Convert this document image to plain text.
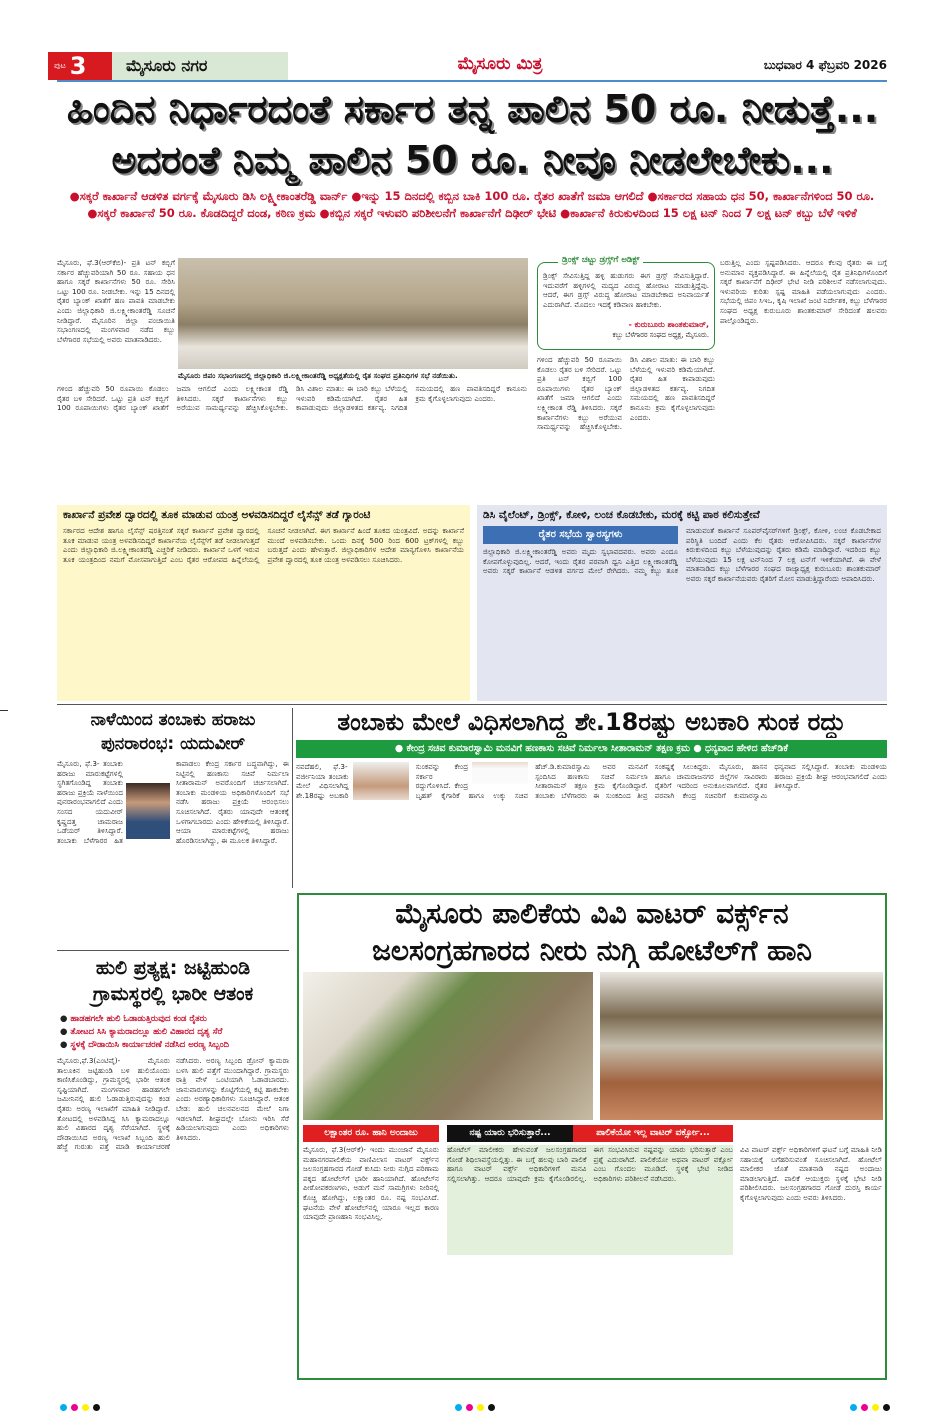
ಪುಟ 3	ಮೈಸೂರು ನಗರ	ಮೈಸೂರು ಮಿತ್ರ	ಬುಧವಾರ 4 ಫೆಬ್ರವರಿ 2026
ಹಿಂದಿನ ನಿರ್ಧಾರದಂತೆ ಸರ್ಕಾರ ತನ್ನ ಪಾಲಿನ 50 ರೂ. ನೀಡುತ್ತೆ...
ಅದರಂತೆ ನಿಮ್ಮ ಪಾಲಿನ 50 ರೂ. ನೀವೂ ನೀಡಲೇಬೇಕು...
●ಸಕ್ಕರೆ ಕಾರ್ಖಾನೆ ಆಡಳಿತ ವರ್ಗಕ್ಕೆ ಮೈಸೂರು ಡಿಸಿ ಲಕ್ಷ್ಮೀಕಾಂತರೆಡ್ಡಿ ವಾರ್ನ್ ●ಇನ್ನು 15 ದಿನದಲ್ಲಿ ಕಬ್ಬಿನ ಬಾಕಿ 100 ರೂ. ರೈತರ ಖಾತೆಗೆ ಜಮಾ ಆಗಲಿದೆ ●ಸರ್ಕಾರದ ಸಹಾಯ ಧನ 50, ಕಾರ್ಖಾನೆಗಳಿಂದ 50 ರೂ. ●ಸಕ್ಕರೆ ಕಾರ್ಖಾನೆ 50 ರೂ. ಕೊಡದಿದ್ದರೆ ದಂಡ, ಕಠಿಣ ಕ್ರಮ ●ಕಬ್ಬಿನ ಸಕ್ಕರೆ ಇಳುವರಿ ಪರಿಶೀಲನೆಗೆ ಕಾರ್ಖಾನೆಗೆ ದಿಢೀರ್ ಭೇಟಿ ●ಕಾರ್ಖಾನೆ ಕಿರುಕುಳದಿಂದ 15 ಲಕ್ಷ ಟನ್ ನಿಂದ 7 ಲಕ್ಷ ಟನ್ ಕಬ್ಬು ಬೆಳೆ ಇಳಿಕೆ
ಮೈಸೂರು, ಫೆ.3(ಆರ್‌ಕೆಬಿ)- ಪ್ರತಿ ಟನ್ ಕಬ್ಬಿಗೆ ಸರ್ಕಾರ ಹೆಚ್ಚುವರಿಯಾಗಿ 50 ರೂ. ಸಹಾಯ ಧನ ಹಾಗೂ ಸಕ್ಕರೆ ಕಾರ್ಖಾನೆಗಳು 50 ರೂ. ಸೇರಿಸಿ ಒಟ್ಟು 100 ರೂ. ನೀಡಬೇಕು. ಇನ್ನು 15 ದಿನದಲ್ಲಿ ರೈತರ ಬ್ಯಾಂಕ್ ಖಾತೆಗೆ ಹಣ ಪಾವತಿ ಮಾಡಬೇಕು ಎಂದು ಜಿಲ್ಲಾಧಿಕಾರಿ ಜಿ.ಲಕ್ಷ್ಮೀಕಾಂತರೆಡ್ಡಿ ಸೂಚನೆ ನೀಡಿದ್ದಾರೆ. ಮೈಸೂರಿನ ಜಿಲ್ಲಾ ಪಂಚಾಯಿತಿ ಸಭಾಂಗಣದಲ್ಲಿ ಮಂಗಳವಾರ ನಡೆದ ಕಬ್ಬು ಬೆಳೆಗಾರರ ಸಭೆಯಲ್ಲಿ ಅವರು ಮಾತನಾಡಿದರು.
ಮೈಸೂರು ಜಿಪಂ ಸಭಾಂಗಣದಲ್ಲಿ ಜಿಲ್ಲಾಧಿಕಾರಿ ಜಿ.ಲಕ್ಷ್ಮೀಕಾಂತರೆಡ್ಡಿ ಅಧ್ಯಕ್ಷತೆಯಲ್ಲಿ ರೈತ ಸಂಘದ ಪ್ರತಿನಿಧಿಗಳ ಸಭೆ ನಡೆಯಿತು.
ಗಳಿಂದ ಹೆಚ್ಚುವರಿ 50 ರೂಪಾಯಿ ಕೊಡಲು ರೈತರ ಬಳಿ ಸೇರಿದರೆ. ಒಟ್ಟು ಪ್ರತಿ ಟನ್ ಕಬ್ಬಿಗೆ 100 ರೂಪಾಯಿಗಳು ರೈತರ ಬ್ಯಾಂಕ್ ಖಾತೆಗೆ ಜಮಾ ಆಗಲಿದೆ ಎಂದು ಲಕ್ಷ್ಮೀಕಾಂತ ರೆಡ್ಡಿ ತಿಳಿಸಿದರು. ಸಕ್ಕರೆ ಕಾರ್ಖಾನೆಗಳು ಕಬ್ಬು ಅರೆಯುವ ಸಾಮರ್ಥ್ಯವನ್ನು ಹೆಚ್ಚಿಸಿಕೊಳ್ಳಬೇಕು. ಡಿಸಿ ವಿಶಾಲ ಮಾತು: ಈ ಬಾರಿ ಕಬ್ಬು ಬೆಳೆಯಲ್ಲಿ ಇಳುವರಿ ಕಡಿಮೆಯಾಗಿದೆ. ರೈತರ ಹಿತ ಕಾಪಾಡುವುದು ಜಿಲ್ಲಾಡಳಿತದ ಕರ್ತವ್ಯ. ನಿಗದಿತ ಸಮಯದಲ್ಲಿ ಹಣ ಪಾವತಿಸದಿದ್ದರೆ ಕಾನೂನು ಕ್ರಮ ಕೈಗೊಳ್ಳಲಾಗುವುದು ಎಂದರು.
ಡ್ರಿಂಕ್ಸ್ ಚಟ್ಟು ಡ್ರಗ್ಸ್‌ಗೆ ಅಡಿಕ್ಟ್
ಡ್ರಿಂಕ್ಸ್ ಸೇವಿಸುತ್ತಿದ್ದ ಹಳ್ಳಿ ಹುಡುಗರು ಈಗ ಡ್ರಗ್ಸ್ ಸೇವಿಸುತ್ತಿದ್ದಾರೆ. ಇದುವರೆಗೆ ಹಳ್ಳಿಗಳಲ್ಲಿ ಮದ್ಯದ ವಿರುದ್ಧ ಹೋರಾಟ ಮಾಡುತ್ತಿದ್ದೆವು. ಆದರೆ, ಈಗ ಡ್ರಗ್ಸ್ ವಿರುದ್ಧ ಹೋರಾಟ ಮಾಡಬೇಕಾದ ಅನಿವಾರ್ಯತೆ ಎದುರಾಗಿದೆ. ಮೊದಲು ಇದಕ್ಕೆ ಕಡಿವಾಣ ಹಾಕಬೇಕು.
- ಕುರುಬೂರು ಶಾಂತಕುಮಾರ್,
ಕಬ್ಬು ಬೆಳೆಗಾರರ ಸಂಘದ ಅಧ್ಯಕ್ಷ, ಮೈಸೂರು.
ಗಳಿಂದ ಹೆಚ್ಚುವರಿ 50 ರೂಪಾಯಿ ಕೊಡಲು ರೈತರ ಬಳಿ ಸೇರಿದರೆ. ಒಟ್ಟು ಪ್ರತಿ ಟನ್ ಕಬ್ಬಿಗೆ 100 ರೂಪಾಯಿಗಳು ರೈತರ ಬ್ಯಾಂಕ್ ಖಾತೆಗೆ ಜಮಾ ಆಗಲಿದೆ ಎಂದು ಲಕ್ಷ್ಮೀಕಾಂತ ರೆಡ್ಡಿ ತಿಳಿಸಿದರು. ಸಕ್ಕರೆ ಕಾರ್ಖಾನೆಗಳು ಕಬ್ಬು ಅರೆಯುವ ಸಾಮರ್ಥ್ಯವನ್ನು ಹೆಚ್ಚಿಸಿಕೊಳ್ಳಬೇಕು. ಡಿಸಿ ವಿಶಾಲ ಮಾತು: ಈ ಬಾರಿ ಕಬ್ಬು ಬೆಳೆಯಲ್ಲಿ ಇಳುವರಿ ಕಡಿಮೆಯಾಗಿದೆ. ರೈತರ ಹಿತ ಕಾಪಾಡುವುದು ಜಿಲ್ಲಾಡಳಿತದ ಕರ್ತವ್ಯ. ನಿಗದಿತ ಸಮಯದಲ್ಲಿ ಹಣ ಪಾವತಿಸದಿದ್ದರೆ ಕಾನೂನು ಕ್ರಮ ಕೈಗೊಳ್ಳಲಾಗುವುದು ಎಂದರು.
ಬರುತ್ತಿಲ್ಲ ಎಂದು ಸ್ಪಷ್ಟಪಡಿಸಿದರು. ಆದರೂ ಕೆಲವು ರೈತರು ಈ ಬಗ್ಗೆ ಅನುಮಾನ ವ್ಯಕ್ತಪಡಿಸಿದ್ದಾರೆ. ಈ ಹಿನ್ನೆಲೆಯಲ್ಲಿ ರೈತ ಪ್ರತಿನಿಧಿಗಳೊಂದಿಗೆ ಸಕ್ಕರೆ ಕಾರ್ಖಾನೆಗೆ ದಿಢೀರ್ ಭೇಟಿ ನೀಡಿ ಪರಿಶೀಲನೆ ನಡೆಸಲಾಗುವುದು. ಇಳುವರಿಯ ಕುರಿತು ಸ್ಪಷ್ಟ ಮಾಹಿತಿ ಪಡೆಯಲಾಗುವುದು ಎಂದರು. ಸಭೆಯಲ್ಲಿ ಜಿಪಂ ಸಿಇಒ, ಕೃಷಿ ಇಲಾಖೆ ಜಂಟಿ ನಿರ್ದೇಶಕ, ಕಬ್ಬು ಬೆಳೆಗಾರರ ಸಂಘದ ಅಧ್ಯಕ್ಷ ಕುರುಬೂರು ಶಾಂತಕುಮಾರ್ ಸೇರಿದಂತೆ ಹಲವರು ಪಾಲ್ಗೊಂಡಿದ್ದರು.
ಕಾರ್ಖಾನೆ ಪ್ರವೇಶ ದ್ವಾರದಲ್ಲಿ ತೂಕ ಮಾಡುವ ಯಂತ್ರ ಅಳವಡಿಸದಿದ್ದರೆ ಲೈಸೆನ್ಸ್ ತಡೆ ಗ್ಯಾರಂಟಿ
ಸರ್ಕಾರದ ಆದೇಶ ಹಾಗೂ ಲೈಸೆನ್ಸ್ ಷರತ್ತಿನಂತೆ ಸಕ್ಕರೆ ಕಾರ್ಖಾನೆ ಪ್ರವೇಶ ದ್ವಾರದಲ್ಲಿ ತೂಕ ಮಾಡುವ ಯಂತ್ರ ಅಳವಡಿಸದಿದ್ದರೆ ಕಾರ್ಖಾನೆಯ ಲೈಸೆನ್ಸ್‌ಗೆ ತಡೆ ನೀಡಲಾಗುತ್ತದೆ ಎಂದು ಜಿಲ್ಲಾಧಿಕಾರಿ ಜಿ.ಲಕ್ಷ್ಮೀಕಾಂತರೆಡ್ಡಿ ಎಚ್ಚರಿಕೆ ನೀಡಿದರು. ಕಾರ್ಖಾನೆ ಒಳಗೆ ಇರುವ ತೂಕ ಯಂತ್ರದಿಂದ ನಮಗೆ ಮೋಸವಾಗುತ್ತಿದೆ ಎಂಬ ರೈತರ ಆರೋಪದ ಹಿನ್ನೆಲೆಯಲ್ಲಿ ಸೂಚನೆ ನೀಡಲಾಗಿದೆ. ಈಗ ಕಾರ್ಖಾನೆ ಹಿಂದೆ ತೂಕದ ಯಂತ್ರವಿದೆ. ಅದನ್ನು ಕಾರ್ಖಾನೆ ಮುಂದೆ ಅಳವಡಿಸಬೇಕು. ಒಂದು ದಿನಕ್ಕೆ 500 ರಿಂದ 600 ಟ್ರಕ್‌ಗಳಲ್ಲಿ ಕಬ್ಬು ಬರುತ್ತದೆ ಎಂದು ಹೇಳುತ್ತಾರೆ. ಜಿಲ್ಲಾಧಿಕಾರಿಗಳ ಆದೇಶ ಮಾನ್ಯಗೊಳಿಸಿ ಕಾರ್ಖಾನೆಯ ಪ್ರವೇಶ ದ್ವಾರದಲ್ಲಿ ತೂಕ ಯಂತ್ರ ಅಳವಡಿಸಲು ಸೂಚಿಸಿದರು.
ಡಿಸಿ ವೈಲೆಂಟ್, ಡ್ರಿಂಕ್ಸ್, ಕೋಳಿ, ಲಂಚ ಕೊಡಬೇಕು, ಮರಕ್ಕೆ ಕಟ್ಟಿ ಪಾಠ ಕಲಿಸುತ್ತೇವೆ
ರೈತರ ಸಭೆಯ ಸ್ವಾರಸ್ಯಗಳು
ಜಿಲ್ಲಾಧಿಕಾರಿ ಜಿ.ಲಕ್ಷ್ಮೀಕಾಂತರೆಡ್ಡಿ ಅವರು ಮೃದು ಸ್ವಭಾವದವರು. ಅವರು ಎಂದೂ ಕೋಪಗೊಳ್ಳುವುದಿಲ್ಲ. ಆದರೆ, ಇಂದು ರೈತರ ಪರವಾಗಿ ಧ್ವನಿ ಎತ್ತಿದ ಲಕ್ಷ್ಮೀಕಾಂತರೆಡ್ಡಿ ಅವರು ಸಕ್ಕರೆ ಕಾರ್ಖಾನೆ ಆಡಳಿತ ವರ್ಗದ ಮೇಲೆ ರೇಗಿದರು. ನಮ್ಮ ಕಬ್ಬು ತೂಕ ಮಾಡುವಂತೆ ಕಾರ್ಖಾನೆ ಸೂಪರ್‌ವೈಸರ್‌ಗಳಿಗೆ ಡ್ರಿಂಕ್ಸ್, ಕೋಳಿ, ಲಂಚ ಕೊಡಬೇಕಾದ ಪರಿಸ್ಥಿತಿ ಬಂದಿದೆ ಎಂದು ಕೆಲ ರೈತರು ಆರೋಪಿಸಿದರು. ಸಕ್ಕರೆ ಕಾರ್ಖಾನೆಗಳ ಕಿರುಕುಳದಿಂದ ಕಬ್ಬು ಬೆಳೆಯುವುದನ್ನು ರೈತರು ಕಡಿಮೆ ಮಾಡಿದ್ದಾರೆ. ಇದರಿಂದ ಕಬ್ಬು ಬೆಳೆಯುವುದು 15 ಲಕ್ಷ ಟನ್‌ನಿಂದ 7 ಲಕ್ಷ ಟನ್‌ಗೆ ಇಳಿಕೆಯಾಗಿದೆ. ಈ ವೇಳೆ ಮಾತನಾಡಿದ ಕಬ್ಬು ಬೆಳೆಗಾರರ ಸಂಘದ ರಾಜ್ಯಾಧ್ಯಕ್ಷ ಕುರುಬೂರು ಶಾಂತಕುಮಾರ್ ಅವರು ಸಕ್ಕರೆ ಕಾರ್ಖಾನೆಯವರು ರೈತರಿಗೆ ಮೋಸ ಮಾಡುತ್ತಿದ್ದಾರೆಂದು ಆಪಾದಿಸಿದರು.
ನಾಳೆಯಿಂದ ತಂಬಾಕು ಹರಾಜು ಪುನರಾರಂಭ: ಯದುವೀರ್
ಮೈಸೂರು, ಫೆ.3- ತಂಬಾಕು ಹರಾಜು ಮಾರುಕಟ್ಟೆಗಳಲ್ಲಿ ಸ್ಥಗಿತಗೊಂಡಿದ್ದ ತಂಬಾಕು ಹರಾಜು ಪ್ರಕ್ರಿಯೆ ನಾಳೆಯಿಂದ ಪುನರಾರಂಭವಾಗಲಿದೆ ಎಂದು ಸಂಸದ ಯದುವೀರ್ ಕೃಷ್ಣದತ್ತ ಚಾಮರಾಜ ಒಡೆಯರ್ ತಿಳಿಸಿದ್ದಾರೆ. ತಂಬಾಕು ಬೆಳೆಗಾರರ ಹಿತ ಕಾಪಾಡಲು ಕೇಂದ್ರ ಸರ್ಕಾರ ಬದ್ಧವಾಗಿದ್ದು, ಈ ನಿಟ್ಟಿನಲ್ಲಿ ಹಣಕಾಸು ಸಚಿವೆ ನಿರ್ಮಲಾ ಸೀತಾರಾಮನ್ ಅವರೊಂದಿಗೆ ಚರ್ಚಿಸಲಾಗಿದೆ. ತಂಬಾಕು ಮಂಡಳಿಯ ಅಧಿಕಾರಿಗಳೊಂದಿಗೆ ಸಭೆ ನಡೆಸಿ ಹರಾಜು ಪ್ರಕ್ರಿಯೆ ಆರಂಭಿಸಲು ಸೂಚಿಸಲಾಗಿದೆ. ರೈತರು ಯಾವುದೇ ಆತಂಕಕ್ಕೆ ಒಳಗಾಗಬಾರದು ಎಂದು ಹೇಳಿಕೆಯಲ್ಲಿ ತಿಳಿಸಿದ್ದಾರೆ. ಆಯಾ ಮಾರುಕಟ್ಟೆಗಳಲ್ಲಿ ಹರಾಜು ಹೊರಡಿಸಲಾಗಿದ್ದು, ಈ ಮೂಲಕ ತಿಳಿಸಿದ್ದಾರೆ.
ತಂಬಾಕು ಮೇಲೆ ವಿಧಿಸಲಾಗಿದ್ದ ಶೇ.18ರಷ್ಟು ಅಬಕಾರಿ ಸುಂಕ ರದ್ದು
● ಕೇಂದ್ರ ಸಚಿವ ಕುಮಾರಸ್ವಾಮಿ ಮನವಿಗೆ ಹಣಕಾಸು ಸಚಿವೆ ನಿರ್ಮಲಾ ಸೀತಾರಾಮನ್ ತಕ್ಷಣ ಕ್ರಮ ● ಧನ್ಯವಾದ ಹೇಳಿದ ಹೆಚ್‌ಡಿಕೆ
ನವದೆಹಲಿ, ಫೆ.3- ವರ್ಜೀನಿಯಾ ತಂಬಾಕು ಮೇಲೆ ವಿಧಿಸಲಾಗಿದ್ದ ಶೇ.18ರಷ್ಟು ಅಬಕಾರಿ ಸುಂಕವನ್ನು ಕೇಂದ್ರ ಸರ್ಕಾರ ರದ್ದುಗೊಳಿಸಿದೆ. ಕೇಂದ್ರ ಬೃಹತ್ ಕೈಗಾರಿಕೆ ಹಾಗೂ ಉಕ್ಕು ಸಚಿವ ಹೆಚ್.ಡಿ.ಕುಮಾರಸ್ವಾಮಿ ಅವರ ಮನವಿಗೆ ಸ್ಪಂದಿಸಿದ ಹಣಕಾಸು ಸಚಿವೆ ನಿರ್ಮಲಾ ಸೀತಾರಾಮನ್ ತಕ್ಷಣ ಕ್ರಮ ಕೈಗೊಂಡಿದ್ದಾರೆ. ತಂಬಾಕು ಬೆಳೆಗಾರರು ಈ ಸುಂಕದಿಂದ ತೀವ್ರ ಸಂಕಷ್ಟಕ್ಕೆ ಸಿಲುಕಿದ್ದರು. ಮೈಸೂರು, ಹಾಸನ ಹಾಗೂ ಚಾಮರಾಜನಗರ ಜಿಲ್ಲೆಗಳ ಸಾವಿರಾರು ರೈತರಿಗೆ ಇದರಿಂದ ಅನುಕೂಲವಾಗಲಿದೆ. ರೈತರ ಪರವಾಗಿ ಕೇಂದ್ರ ಸಚಿವರಿಗೆ ಕುಮಾರಸ್ವಾಮಿ ಧನ್ಯವಾದ ಸಲ್ಲಿಸಿದ್ದಾರೆ. ತಂಬಾಕು ಮಂಡಳಿಯ ಹರಾಜು ಪ್ರಕ್ರಿಯೆ ಶೀಘ್ರ ಆರಂಭವಾಗಲಿದೆ ಎಂದು ತಿಳಿಸಿದ್ದಾರೆ.
ಮೈಸೂರು ಪಾಲಿಕೆಯ ವಿವಿ ವಾಟರ್ ವರ್ಕ್ಸ್‌ನ
ಜಲಸಂಗ್ರಹಗಾರದ ನೀರು ನುಗ್ಗಿ ಹೋಟೆಲ್‌ಗೆ ಹಾನಿ
ಲಕ್ಷಾಂತರ ರೂ. ಹಾನಿ ಅಂದಾಜು	ನಷ್ಟ ಯಾರು ಭರಿಸುತ್ತಾರೆ...	ಪಾಲಿಕೆಯೋ ಇಲ್ಲ ವಾಟರ್ ವರ್ಕ್ಸೋ...
ಮೈಸೂರು, ಫೆ.3(ಆರ್‌ಕೆ)- ಇಂದು ಮುಂಜಾನೆ ಮೈಸೂರು ಮಹಾನಗರಪಾಲಿಕೆಯ ವಾಣಿವಿಲಾಸ ವಾಟರ್ ವರ್ಕ್ಸ್‌ನ ಜಲಸಂಗ್ರಹಗಾರದ ಗೋಡೆ ಕುಸಿದು ನೀರು ನುಗ್ಗಿದ ಪರಿಣಾಮ ಪಕ್ಕದ ಹೋಟೆಲ್‌ಗೆ ಭಾರೀ ಹಾನಿಯಾಗಿದೆ. ಹೋಟೆಲ್‌ನ ಪೀಠೋಪಕರಣಗಳು, ಅಡುಗೆ ಮನೆ ಸಾಮಗ್ರಿಗಳು ನೀರಿನಲ್ಲಿ ಕೊಚ್ಚಿ ಹೋಗಿದ್ದು, ಲಕ್ಷಾಂತರ ರೂ. ನಷ್ಟ ಸಂಭವಿಸಿದೆ. ಘಟನೆಯ ವೇಳೆ ಹೋಟೆಲ್‌ನಲ್ಲಿ ಯಾರೂ ಇಲ್ಲದ ಕಾರಣ ಯಾವುದೇ ಪ್ರಾಣಹಾನಿ ಸಂಭವಿಸಿಲ್ಲ.
ಹೋಟೆಲ್ ಮಾಲೀಕರು ಹೇಳುವಂತೆ ಜಲಸಂಗ್ರಹಗಾರದ ಗೋಡೆ ಶಿಥಿಲಾವಸ್ಥೆಯಲ್ಲಿತ್ತು. ಈ ಬಗ್ಗೆ ಹಲವು ಬಾರಿ ಪಾಲಿಕೆ ಹಾಗೂ ವಾಟರ್ ವರ್ಕ್ಸ್ ಅಧಿಕಾರಿಗಳಿಗೆ ಮನವಿ ಸಲ್ಲಿಸಲಾಗಿತ್ತು. ಆದರೂ ಯಾವುದೇ ಕ್ರಮ ಕೈಗೊಂಡಿರಲಿಲ್ಲ. ಈಗ ಸಂಭವಿಸಿರುವ ನಷ್ಟವನ್ನು ಯಾರು ಭರಿಸುತ್ತಾರೆ ಎಂಬ ಪ್ರಶ್ನೆ ಎದುರಾಗಿದೆ. ಪಾಲಿಕೆಯೋ ಅಥವಾ ವಾಟರ್ ವರ್ಕ್ಸೋ ಎಂಬ ಗೊಂದಲ ಮೂಡಿದೆ. ಸ್ಥಳಕ್ಕೆ ಭೇಟಿ ನೀಡಿದ ಅಧಿಕಾರಿಗಳು ಪರಿಶೀಲನೆ ನಡೆಸಿದರು.
ವಿವಿ ವಾಟರ್ ವರ್ಕ್ಸ್ ಅಧಿಕಾರಿಗಳಿಗೆ ಘಟನೆ ಬಗ್ಗೆ ಮಾಹಿತಿ ನೀಡಿ ಸಹಾಯಕ್ಕೆ ಬಗೆಹರಿಸುವಂತೆ ಸೂಚಿಸಲಾಗಿದೆ. ಹೋಟೆಲ್ ಮಾಲೀಕರ ಜೊತೆ ಮಾತನಾಡಿ ನಷ್ಟದ ಅಂದಾಜು ಮಾಡಲಾಗುತ್ತಿದೆ. ಪಾಲಿಕೆ ಆಯುಕ್ತರು ಸ್ಥಳಕ್ಕೆ ಭೇಟಿ ನೀಡಿ ಪರಿಶೀಲಿಸಿದರು. ಜಲಸಂಗ್ರಹಗಾರದ ಗೋಡೆ ದುರಸ್ತಿ ಕಾರ್ಯ ಕೈಗೊಳ್ಳಲಾಗುವುದು ಎಂದು ಅವರು ತಿಳಿಸಿದರು.
ಹುಲಿ ಪ್ರತ್ಯಕ್ಷ: ಜಟ್ಟಿಹುಂಡಿ ಗ್ರಾಮಸ್ಥರಲ್ಲಿ ಭಾರೀ ಆತಂಕ
● ಹಾಡಹಗಲೇ ಹುಲಿ ಓಡಾಡುತ್ತಿರುವುದ ಕಂಡ ರೈತರು
● ತೋಟದ ಸಿಸಿ ಕ್ಯಾಮರಾದಲ್ಲೂ ಹುಲಿ ವಿಹಾರದ ದೃಶ್ಯ ಸೆರೆ
● ಸ್ಥಳಕ್ಕೆ ದೌಡಾಯಿಸಿ ಕಾರ್ಯಾಚರಣೆ ನಡೆಸಿದ ಅರಣ್ಯ ಸಿಬ್ಬಂದಿ
ಮೈಸೂರು,ಫೆ.3(ಎಂಟಿವೈ)- ಮೈಸೂರು ತಾಲೂಕಿನ ಜಟ್ಟಿಹುಂಡಿ ಬಳಿ ಹುಲಿಯೊಂದು ಕಾಣಿಸಿಕೊಂಡಿದ್ದು, ಗ್ರಾಮಸ್ಥರಲ್ಲಿ ಭಾರೀ ಆತಂಕ ಸೃಷ್ಟಿಯಾಗಿದೆ. ಮಂಗಳವಾರ ಹಾಡಹಗಲೇ ಜಮೀನಿನಲ್ಲಿ ಹುಲಿ ಓಡಾಡುತ್ತಿರುವುದನ್ನು ಕಂಡ ರೈತರು ಅರಣ್ಯ ಇಲಾಖೆಗೆ ಮಾಹಿತಿ ನೀಡಿದ್ದಾರೆ. ತೋಟದಲ್ಲಿ ಅಳವಡಿಸಿದ್ದ ಸಿಸಿ ಕ್ಯಾಮರಾದಲ್ಲೂ ಹುಲಿ ವಿಹಾರದ ದೃಶ್ಯ ಸೆರೆಯಾಗಿದೆ. ಸ್ಥಳಕ್ಕೆ ದೌಡಾಯಿಸಿದ ಅರಣ್ಯ ಇಲಾಖೆ ಸಿಬ್ಬಂದಿ ಹುಲಿ ಹೆಜ್ಜೆ ಗುರುತು ಪತ್ತೆ ಮಾಡಿ ಕಾರ್ಯಾಚರಣೆ ನಡೆಸಿದರು. ಅರಣ್ಯ ಸಿಬ್ಬಂದಿ ಡ್ರೋನ್ ಕ್ಯಾಮರಾ ಬಳಸಿ ಹುಲಿ ಪತ್ತೆಗೆ ಮುಂದಾಗಿದ್ದಾರೆ. ಗ್ರಾಮಸ್ಥರು ರಾತ್ರಿ ವೇಳೆ ಒಂಟಿಯಾಗಿ ಓಡಾಡಬಾರದು. ಜಾನುವಾರುಗಳನ್ನು ಕೊಟ್ಟಿಗೆಯಲ್ಲಿ ಕಟ್ಟಿ ಹಾಕಬೇಕು ಎಂದು ಅರಣ್ಯಾಧಿಕಾರಿಗಳು ಸೂಚಿಸಿದ್ದಾರೆ. ಆತಂಕ ಬೇಡ: ಹುಲಿ ಚಲನವಲನದ ಮೇಲೆ ನಿಗಾ ಇಡಲಾಗಿದೆ. ಶೀಘ್ರದಲ್ಲೇ ಬೋನು ಇರಿಸಿ ಸೆರೆ ಹಿಡಿಯಲಾಗುವುದು ಎಂದು ಅಧಿಕಾರಿಗಳು ತಿಳಿಸಿದರು.
